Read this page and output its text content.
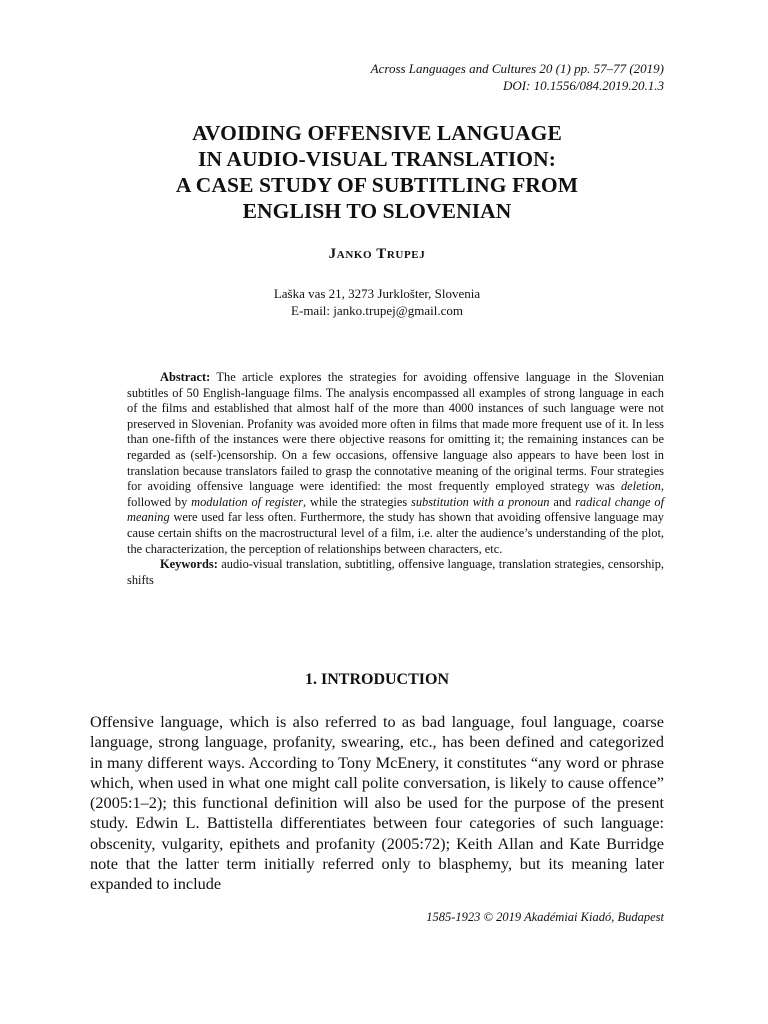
Across Languages and Cultures 20 (1) pp. 57–77 (2019)
DOI: 10.1556/084.2019.20.1.3
AVOIDING OFFENSIVE LANGUAGE
IN AUDIO-VISUAL TRANSLATION:
A CASE STUDY OF SUBTITLING FROM
ENGLISH TO SLOVENIAN
Janko Trupej
Laška vas 21, 3273 Jurklošter, Slovenia
E-mail: janko.trupej@gmail.com

Abstract: The article explores the strategies for avoiding offensive language in the Slovenian subtitles of 50 English-language films. The analysis encompassed all examples of strong language in each of the films and established that almost half of the more than 4000 instances of such language were not preserved in Slovenian. Profanity was avoided more often in films that made more frequent use of it. In less than one-fifth of the instances were there objective reasons for omitting it; the remaining instances can be regarded as (self-)censorship. On a few occasions, offensive language also appears to have been lost in translation because translators failed to grasp the connotative meaning of the original terms. Four strategies for avoiding offensive language were identified: the most frequently employed strategy was deletion, followed by modulation of register, while the strategies substitution with a pronoun and radical change of meaning were used far less often. Furthermore, the study has shown that avoiding offensive language may cause certain shifts on the macrostructural level of a film, i.e. alter the audience’s understanding of the plot, the characterization, the perception of relationships between characters, etc.

Keywords: audio-visual translation, subtitling, offensive language, translation strategies, censorship, shifts

1. INTRODUCTION

Offensive language, which is also referred to as bad language, foul language, coarse language, strong language, profanity, swearing, etc., has been defined and categorized in many different ways. According to Tony McEnery, it constitutes “any word or phrase which, when used in what one might call polite conversation, is likely to cause offence” (2005:1–2); this functional definition will also be used for the purpose of the present study. Edwin L. Battistella differentiates between four categories of such language: obscenity, vulgarity, epithets and profanity (2005:72); Keith Allan and Kate Burridge note that the latter term initially referred only to blasphemy, but its meaning later expanded to include

1585-1923 © 2019 Akadémiai Kiadó, Budapest
